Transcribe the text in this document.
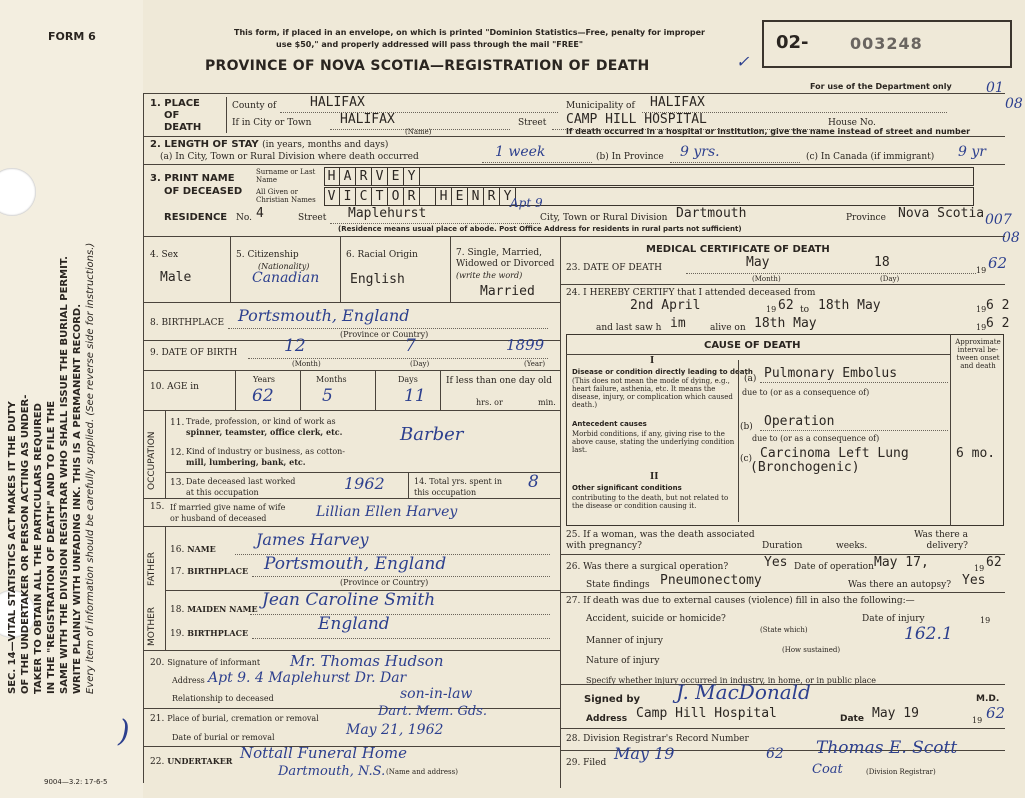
SEC. 14—VITAL STATISTICS ACT MAKES IT THE DUTY OF THE UNDERTAKER OR PERSON ACTING AS UNDER- TAKER TO OBTAIN ALL THE PARTICULARS REQUIRED IN THE "REGISTRATION OF DEATH" AND TO FILE THE SAME WITH THE DIVISION REGISTRAR WHO SHALL ISSUE THE BURIAL PERMIT. WRITE PLAINLY WITH UNFADING INK. THIS IS A PERMANENT RECORD. Every item of information should be carefully supplied. (See reverse side for instructions.)
FORM 6	This form, if placed in an envelope, on which is printed "Dominion Statistics—Free, penalty for improper
use $50," and properly addressed will pass through the mail "FREE"
PROVINCE OF NOVA SCOTIA—REGISTRATION OF DEATH
02-	003248
For use of the Department only 01
08
007
08
9004—3.2: 17-6-5
✓
1. PLACE
OF
DEATH
County of	HALIFAX	Municipality of HALIFAX
If in City or Town HALIFAX
(Name)
Street CAMP HILL HOSPITAL	House No.
If death occurred in a hospital or institution, give the name instead of street and number
2. LENGTH OF STAY (in years, months and days)
(a) In City, Town or Rural Division where death occurred	1 week	(b) In Province 9 yrs.	(c) In Canada (if immigrant) 9 yr
3. PRINT NAME
OF DECEASED
Surname or Last Name
All Given or Christian Names
H A R V E Y
V I C T O R	H E N R Y
RESIDENCE No. 4	Street Maplehurst
Apt 9
City, Town or Rural Division Dartmouth	Province Nova Scotia
(Residence means usual place of abode. Post Office Address for residents in rural parts not sufficient)
4. Sex
Male
5. Citizenship
(Nationality)
Canadian
6. Racial Origin
English
7. Single, Married,
Widowed or Divorced
(write the word)
Married
8. BIRTHPLACE Portsmouth, England
(Province or Country)
9. DATE OF BIRTH	12	7	1899
(Month)	(Day)	(Year)
10. AGE in
Years
62
Months
5
Days
11
If less than one day old
hrs. or	min.
OCCUPATION
11. Trade, profession, or kind of work as
spinner, teamster, office clerk, etc.	Barber
12. Kind of industry or business, as cotton-
mill, lumbering, bank, etc.
13. Date deceased last worked
at this occupation	1962	14. Total yrs. spent in
this occupation
8
15. If married give name of wife
or husband of deceased	Lillian Ellen Harvey
FATHER
MOTHER
16. NAME	James Harvey
17. BIRTHPLACE Portsmouth, England
(Province or Country)
18. MAIDEN NAME Jean Caroline Smith
19. BIRTHPLACE	England
20. Signature of informant Mr. Thomas Hudson
Address Apt 9. 4 Maplehurst Dr. Dar
Relationship to deceased	son-in-law
21. Place of burial, cremation or removal	Dart. Mem. Gds.
Date of burial or removal	May 21, 1962
22. UNDERTAKER Nottall Funeral Home
Dartmouth, N.S. (Name and address)
)
MEDICAL CERTIFICATE OF DEATH
23. DATE OF DEATH	May	18
19 62
(Month)	(Day)
24. I HEREBY CERTIFY that I attended deceased from
2nd April	19 62 to 18th May	19 6 2
and last saw h im	alive on 18th May	19 6 2
CAUSE OF DEATH	Approximate interval be-tween onset and death
I
Disease or condition directly leading to death
(This does not mean the mode of dying, e.g., heart failure, asthenia, etc. It means the disease, injury, or complication which caused death.)
(a) Pulmonary Embolus
due to (or as a consequence of)
Antecedent causes
Morbid conditions, if any, giving rise to the above cause, stating the underlying condition last.
(b) Operation
due to (or as a consequence of)
(c) Carcinoma Left Lung
(Bronchogenic)
6 mo.
II
Other significant conditions
contributing to the death, but not related to the disease or condition causing it.
25. If a woman, was the death associated with pregnancy?	Duration	weeks.
Was there a delivery?
26. Was there a surgical operation?	Yes Date of operation May 17,	19 62
State findings Pneumonectomy	Was there an autopsy? Yes
27. If death was due to external causes (violence) fill in also the following:—
Accident, suicide or homicide?	Date of injury	19
(State which)	162.1
Manner of injury
(How sustained)
Nature of injury
Specify whether injury occurred in industry, in home, or in public place
Signed by J. MacDonald	M.D.
Address Camp Hill Hospital	Date May 19	19 62
28. Division Registrar's Record Number
29. Filed May 19	62 Thomas E. Scott
Coat	(Division Registrar)
